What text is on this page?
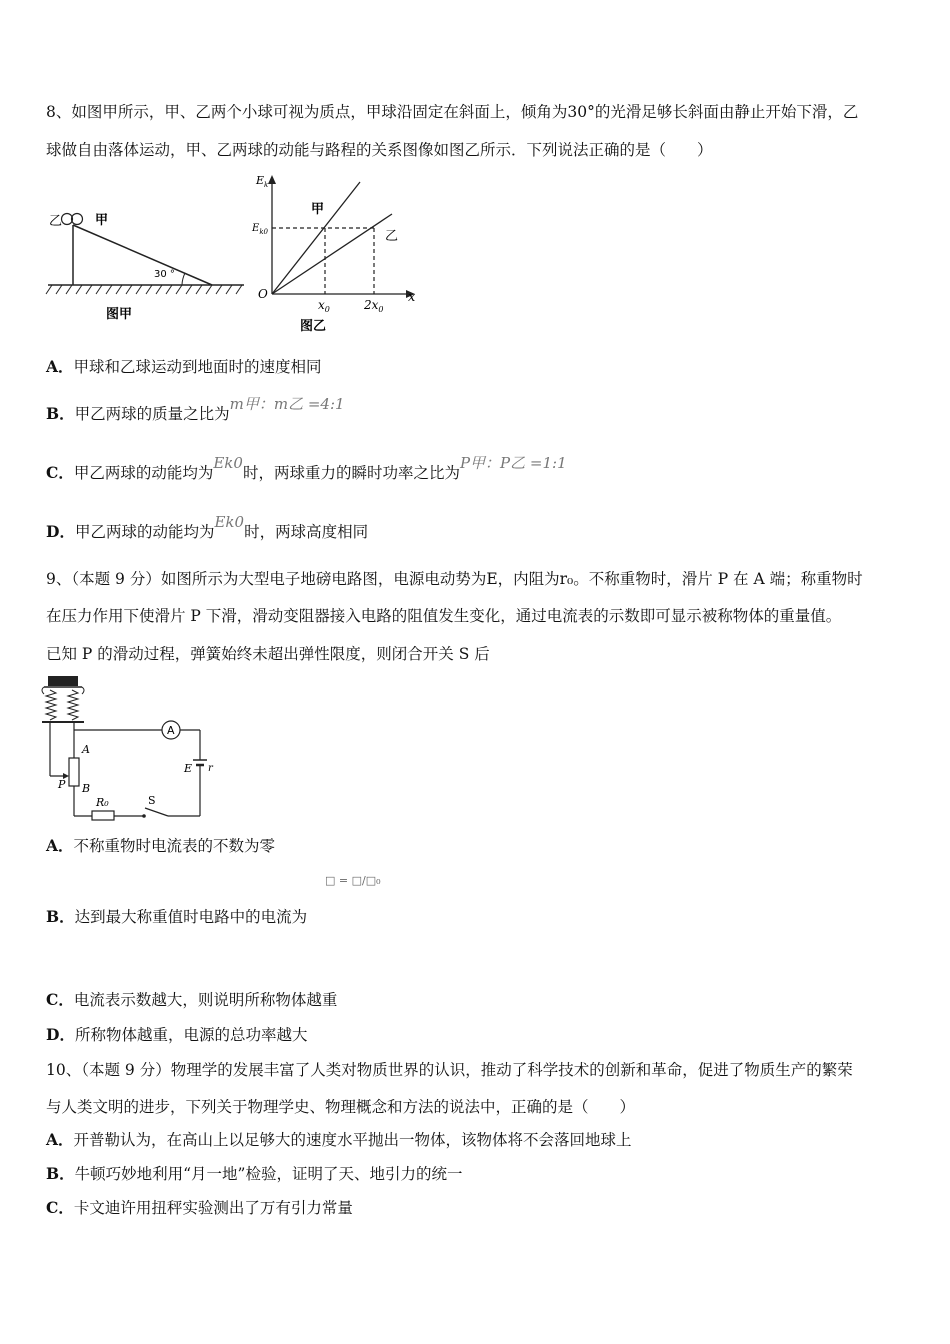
8、如图甲所示，甲、乙两个小球可视为质点，甲球沿固定在斜面上，倾角为30°的光滑足够长斜面由静止开始下滑，乙
球做自由落体运动，甲、乙两球的动能与路程的关系图像如图乙所示．下列说法正确的是（　　）
乙	甲
30 °
图甲
$E_k$
x
O
$E_{k0}$
$x_0$	$2x_0$
甲
乙
图乙
A．甲球和乙球运动到地面时的速度相同
B．甲乙两球的质量之比为m甲：m乙 =4:1
C．甲乙两球的动能均为Ek0时，两球重力的瞬时功率之比为P甲：P乙 =1:1
D．甲乙两球的动能均为Ek0时，两球高度相同
9、（本题 9 分）如图所示为大型电子地磅电路图，电源电动势为E，内阻为r₀。不称重物时，滑片 P 在 A 端；称重物时
在压力作用下使滑片 P 下滑，滑动变阻器接入电路的阻值发生变化，通过电流表的示数即可显示被称物体的重量值。
已知 P 的滑动过程，弹簧始终未超出弹性限度，则闭合开关 S 后
A
A
B
P
E r
R₀	S
A．不称重物时电流表的不数为零
□ = □/□₀
B．达到最大称重值时电路中的电流为
C．电流表示数越大，则说明所称物体越重
D．所称物体越重，电源的总功率越大
10、（本题 9 分）物理学的发展丰富了人类对物质世界的认识，推动了科学技术的创新和革命，促进了物质生产的繁荣
与人类文明的进步，下列关于物理学史、物理概念和方法的说法中，正确的是（　　）
A．开普勒认为，在高山上以足够大的速度水平抛出一物体，该物体将不会落回地球上
B．牛顿巧妙地利用“月一地”检验，证明了天、地引力的统一
C．卡文迪许用扭秤实验测出了万有引力常量
